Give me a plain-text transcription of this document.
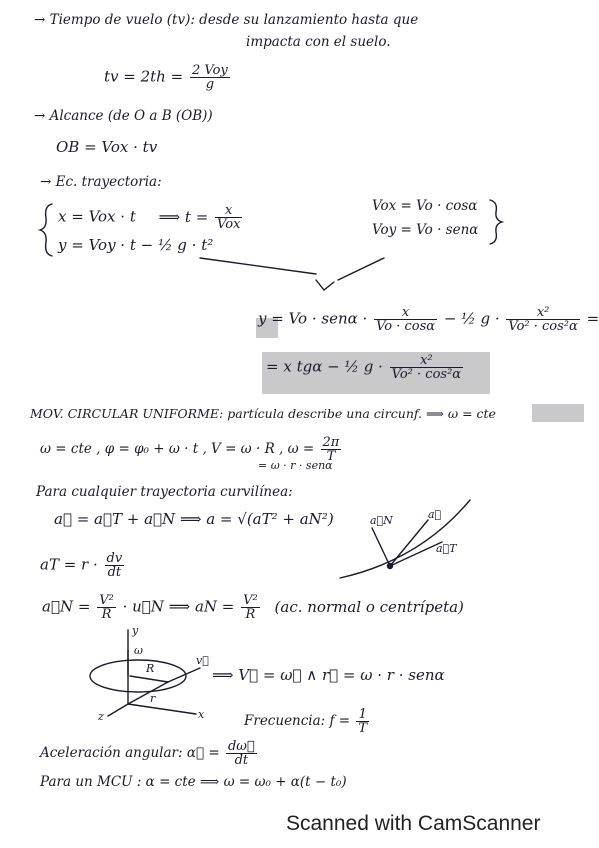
→ Tiempo de vuelo (tv): desde su lanzamiento hasta que
impacta con el suelo.
tv = $2th = \frac{\text{2 Voy}}{g}$
→ Alcance (de O a B (OB))
OB = Vox · tv
→ Ec. trayectoria:
x = Vox · t ⟹ $t = \frac{x}{\text{Vox}}$
y = Voy · t − ½ g · t²
Vox = Vo · cosα
Voy = Vo · senα
$y = Vo \cdot sen\alpha \cdot \frac{x}{Vo \cdot \cos\alpha}$ − ½ $g \cdot \frac{\text{x²}}{\text{Vo² · cos²α}}$ =
= x tgα − ½ $g \cdot \frac{\text{x²}}{\text{Vo² · cos²α}}$
MOV. CIRCULAR UNIFORME: partícula describe una circunf. ⟹ ω = cte
ω = cte , φ = φ₀ + ω · t , V = ω · R , $\omega = \frac{2\pi}{T}$
= ω · r · senα
Para cualquier trayectoria curvilínea:
a⃗ = a⃗T + a⃗N ⟹ a = √(aT² + aN²)
aT = $r \cdot \frac{dv}{dt}$
a⃗N = $\frac{\text{V²}}{R}$ · u⃗N ⟹ aN = $\frac{\text{V²}}{R} (ac$. normal o centrípeta)
⟹ V⃗ = ω⃗ ∧ r⃗ = ω · r · senα
Frecuencia: $f = \frac{1}{T}$
Aceleración angular: α⃗ = $\frac{d\omega⃗}{dt}$
Para un MCU : α = cte ⟹ ω = ω₀ + α(t − t₀)
a⃗
a⃗N
a⃗T
y
x
z
ω
r
R
v⃗
Scanned with CamScanner
